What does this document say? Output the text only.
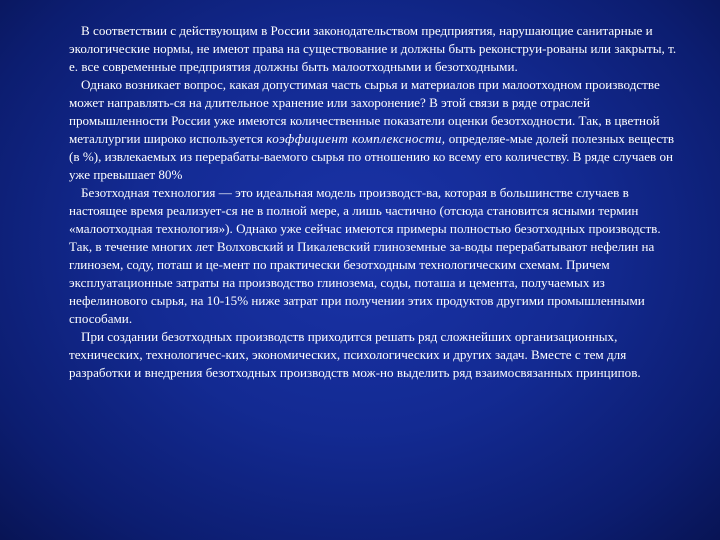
В соответствии с действующим в России законодательством предприятия, нарушающие санитарные и экологические нормы, не имеют права на существование и должны быть реконструи-рованы или закрыты, т. е. все современные предприятия должны быть малоотходными и безотходными.

Однако возникает вопрос, какая допустимая часть сырья и материалов при малоотходном производстве может направлять-ся на длительное хранение или захоронение? В этой связи в ряде отраслей промышленности России уже имеются количественные показатели оценки безотходности. Так, в цветной металлургии широко используется коэффициент комплексности, определяе-мые долей полезных веществ (в %), извлекаемых из перерабаты-ваемого сырья по отношению ко всему его количеству. В ряде случаев он уже превышает 80%

Безотходная технология — это идеальная модель производст-ва, которая в большинстве случаев в настоящее время реализует-ся не в полной мере, а лишь частично (отсюда становится ясными термин «малоотходная технология»). Однако уже сейчас имеются примеры полностью безотходных производств. Так, в течение многих лет Волховский и Пикалевский глиноземные за-воды перерабатывают нефелин на глинозем, соду, поташ и це-мент по практически безотходным технологическим схемам. Причем эксплуатационные затраты на производство глинозема, соды, поташа и цемента, получаемых из нефелинового сырья, на 10-15% ниже затрат при получении этих продуктов другими промышленными способами.

При создании безотходных производств приходится решать ряд сложнейших организационных, технических, технологичес-ких, экономических, психологических и других задач. Вместе с тем для разработки и внедрения безотходных производств мож-но выделить ряд взаимосвязанных принципов.
